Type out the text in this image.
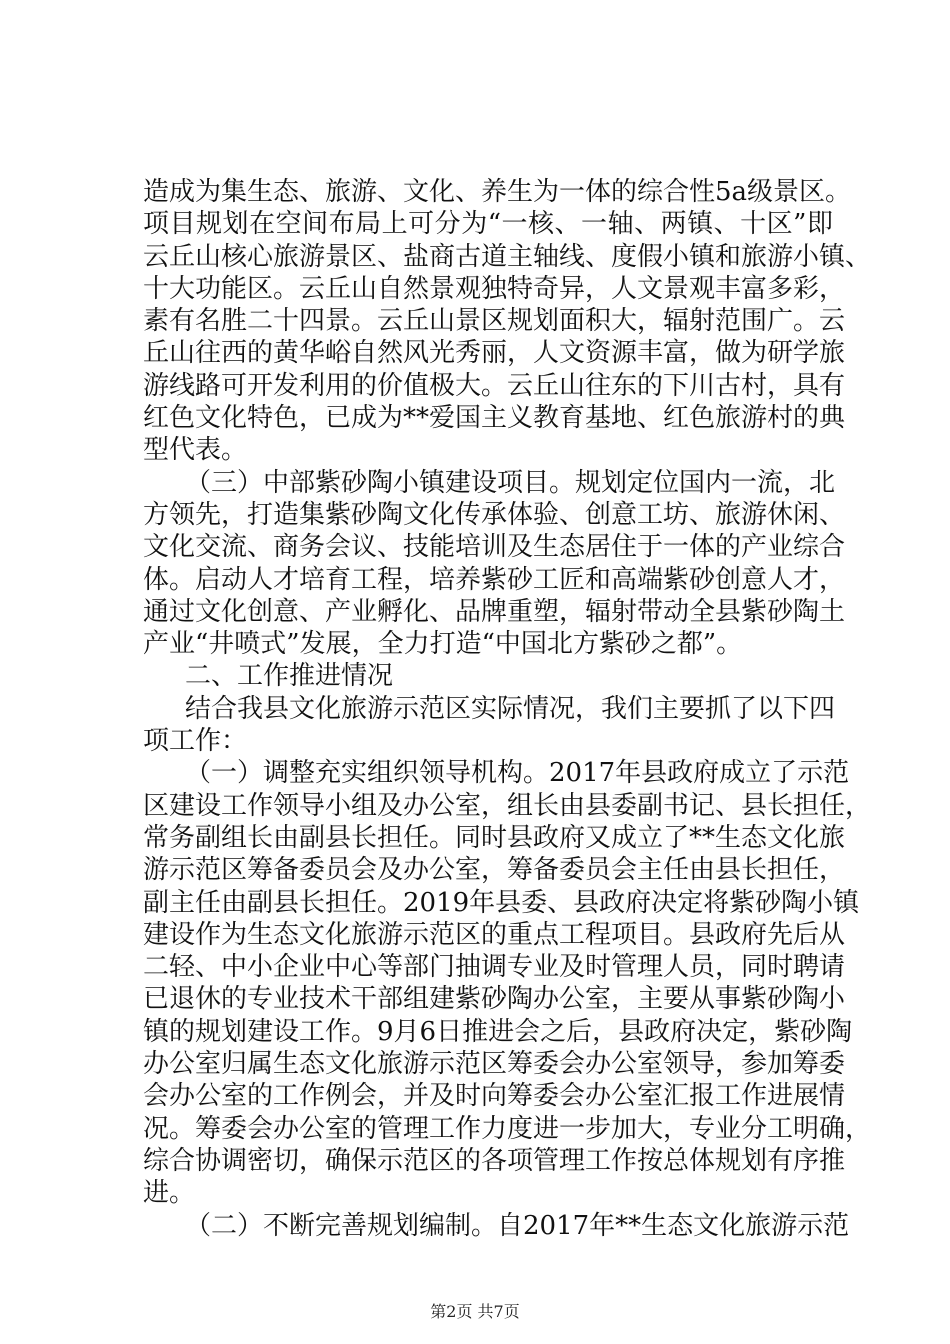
造成为集生态、旅游、文化、养生为一体的综合性5a级景区。
项目规划在空间布局上可分为“一核、一轴、两镇、十区”即
云丘山核心旅游景区、盐商古道主轴线、度假小镇和旅游小镇、
十大功能区。云丘山自然景观独特奇异，人文景观丰富多彩，
素有名胜二十四景。云丘山景区规划面积大，辐射范围广。云
丘山往西的黄华峪自然风光秀丽，人文资源丰富，做为研学旅
游线路可开发利用的价值极大。云丘山往东的下川古村，具有
红色文化特色，已成为**爱国主义教育基地、红色旅游村的典
型代表。
（三）中部紫砂陶小镇建设项目。规划定位国内一流，北
方领先，打造集紫砂陶文化传承体验、创意工坊、旅游休闲、
文化交流、商务会议、技能培训及生态居住于一体的产业综合
体。启动人才培育工程，培养紫砂工匠和高端紫砂创意人才，
通过文化创意、产业孵化、品牌重塑，辐射带动全县紫砂陶土
产业“井喷式”发展，全力打造“中国北方紫砂之都”。
二、工作推进情况
结合我县文化旅游示范区实际情况，我们主要抓了以下四
项工作：
（一）调整充实组织领导机构。2017年县政府成立了示范
区建设工作领导小组及办公室，组长由县委副书记、县长担任，
常务副组长由副县长担任。同时县政府又成立了**生态文化旅
游示范区筹备委员会及办公室，筹备委员会主任由县长担任，
副主任由副县长担任。2019年县委、县政府决定将紫砂陶小镇
建设作为生态文化旅游示范区的重点工程项目。县政府先后从
二轻、中小企业中心等部门抽调专业及时管理人员，同时聘请
已退休的专业技术干部组建紫砂陶办公室，主要从事紫砂陶小
镇的规划建设工作。9月6日推进会之后，县政府决定，紫砂陶
办公室归属生态文化旅游示范区筹委会办公室领导，参加筹委
会办公室的工作例会，并及时向筹委会办公室汇报工作进展情
况。筹委会办公室的管理工作力度进一步加大，专业分工明确，
综合协调密切，确保示范区的各项管理工作按总体规划有序推
进。
（二）不断完善规划编制。自2017年**生态文化旅游示范
第2页 共7页
